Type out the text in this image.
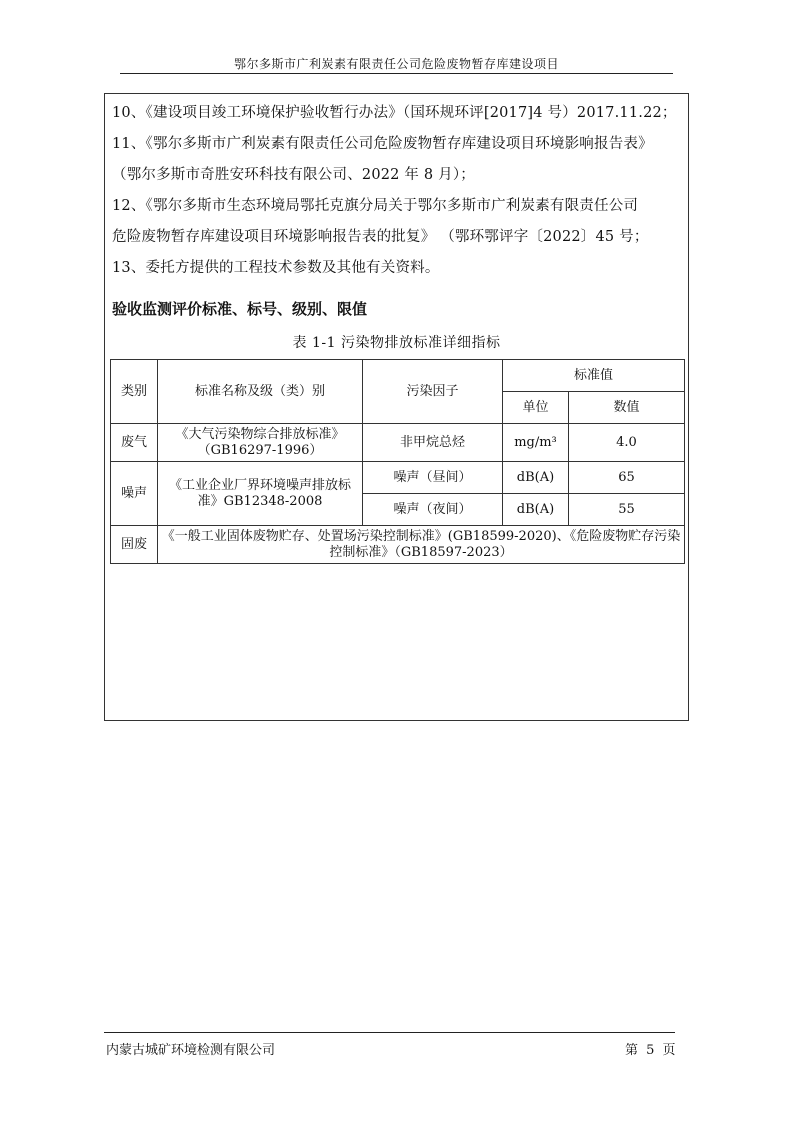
鄂尔多斯市广利炭素有限责任公司危险废物暂存库建设项目

10、《建设项目竣工环境保护验收暂行办法》（国环规环评[2017]4 号）2017.11.22；

11、《鄂尔多斯市广利炭素有限责任公司危险废物暂存库建设项目环境影响报告表》

（鄂尔多斯市奇胜安环科技有限公司、2022 年 8 月）；

12、《鄂尔多斯市生态环境局鄂托克旗分局关于鄂尔多斯市广利炭素有限责任公司

危险废物暂存库建设项目环境影响报告表的批复》 （鄂环鄂评字〔2022〕45 号；

13、委托方提供的工程技术参数及其他有关资料。

验收监测评价标准、标号、级别、限值
表 1-1 污染物排放标准详细指标
类别	标准名称及级（类）别	污染因子	标准值	
			单位	数值
废气	《大气污染物综合排放标准》（GB16297-1996）	非甲烷总烃	mg/m³	4.0
噪声	《工业企业厂界环境噪声排放标准》GB12348-2008	噪声（昼间）	dB(A)	65
		噪声（夜间）	dB(A)	55
固废	《一般工业固体废物贮存、处置场污染控制标准》(GB18599-2020)、《危险废物贮存污染控制标准》（GB18597-2023）			
内蒙古城矿环境检测有限公司	第 5 页
